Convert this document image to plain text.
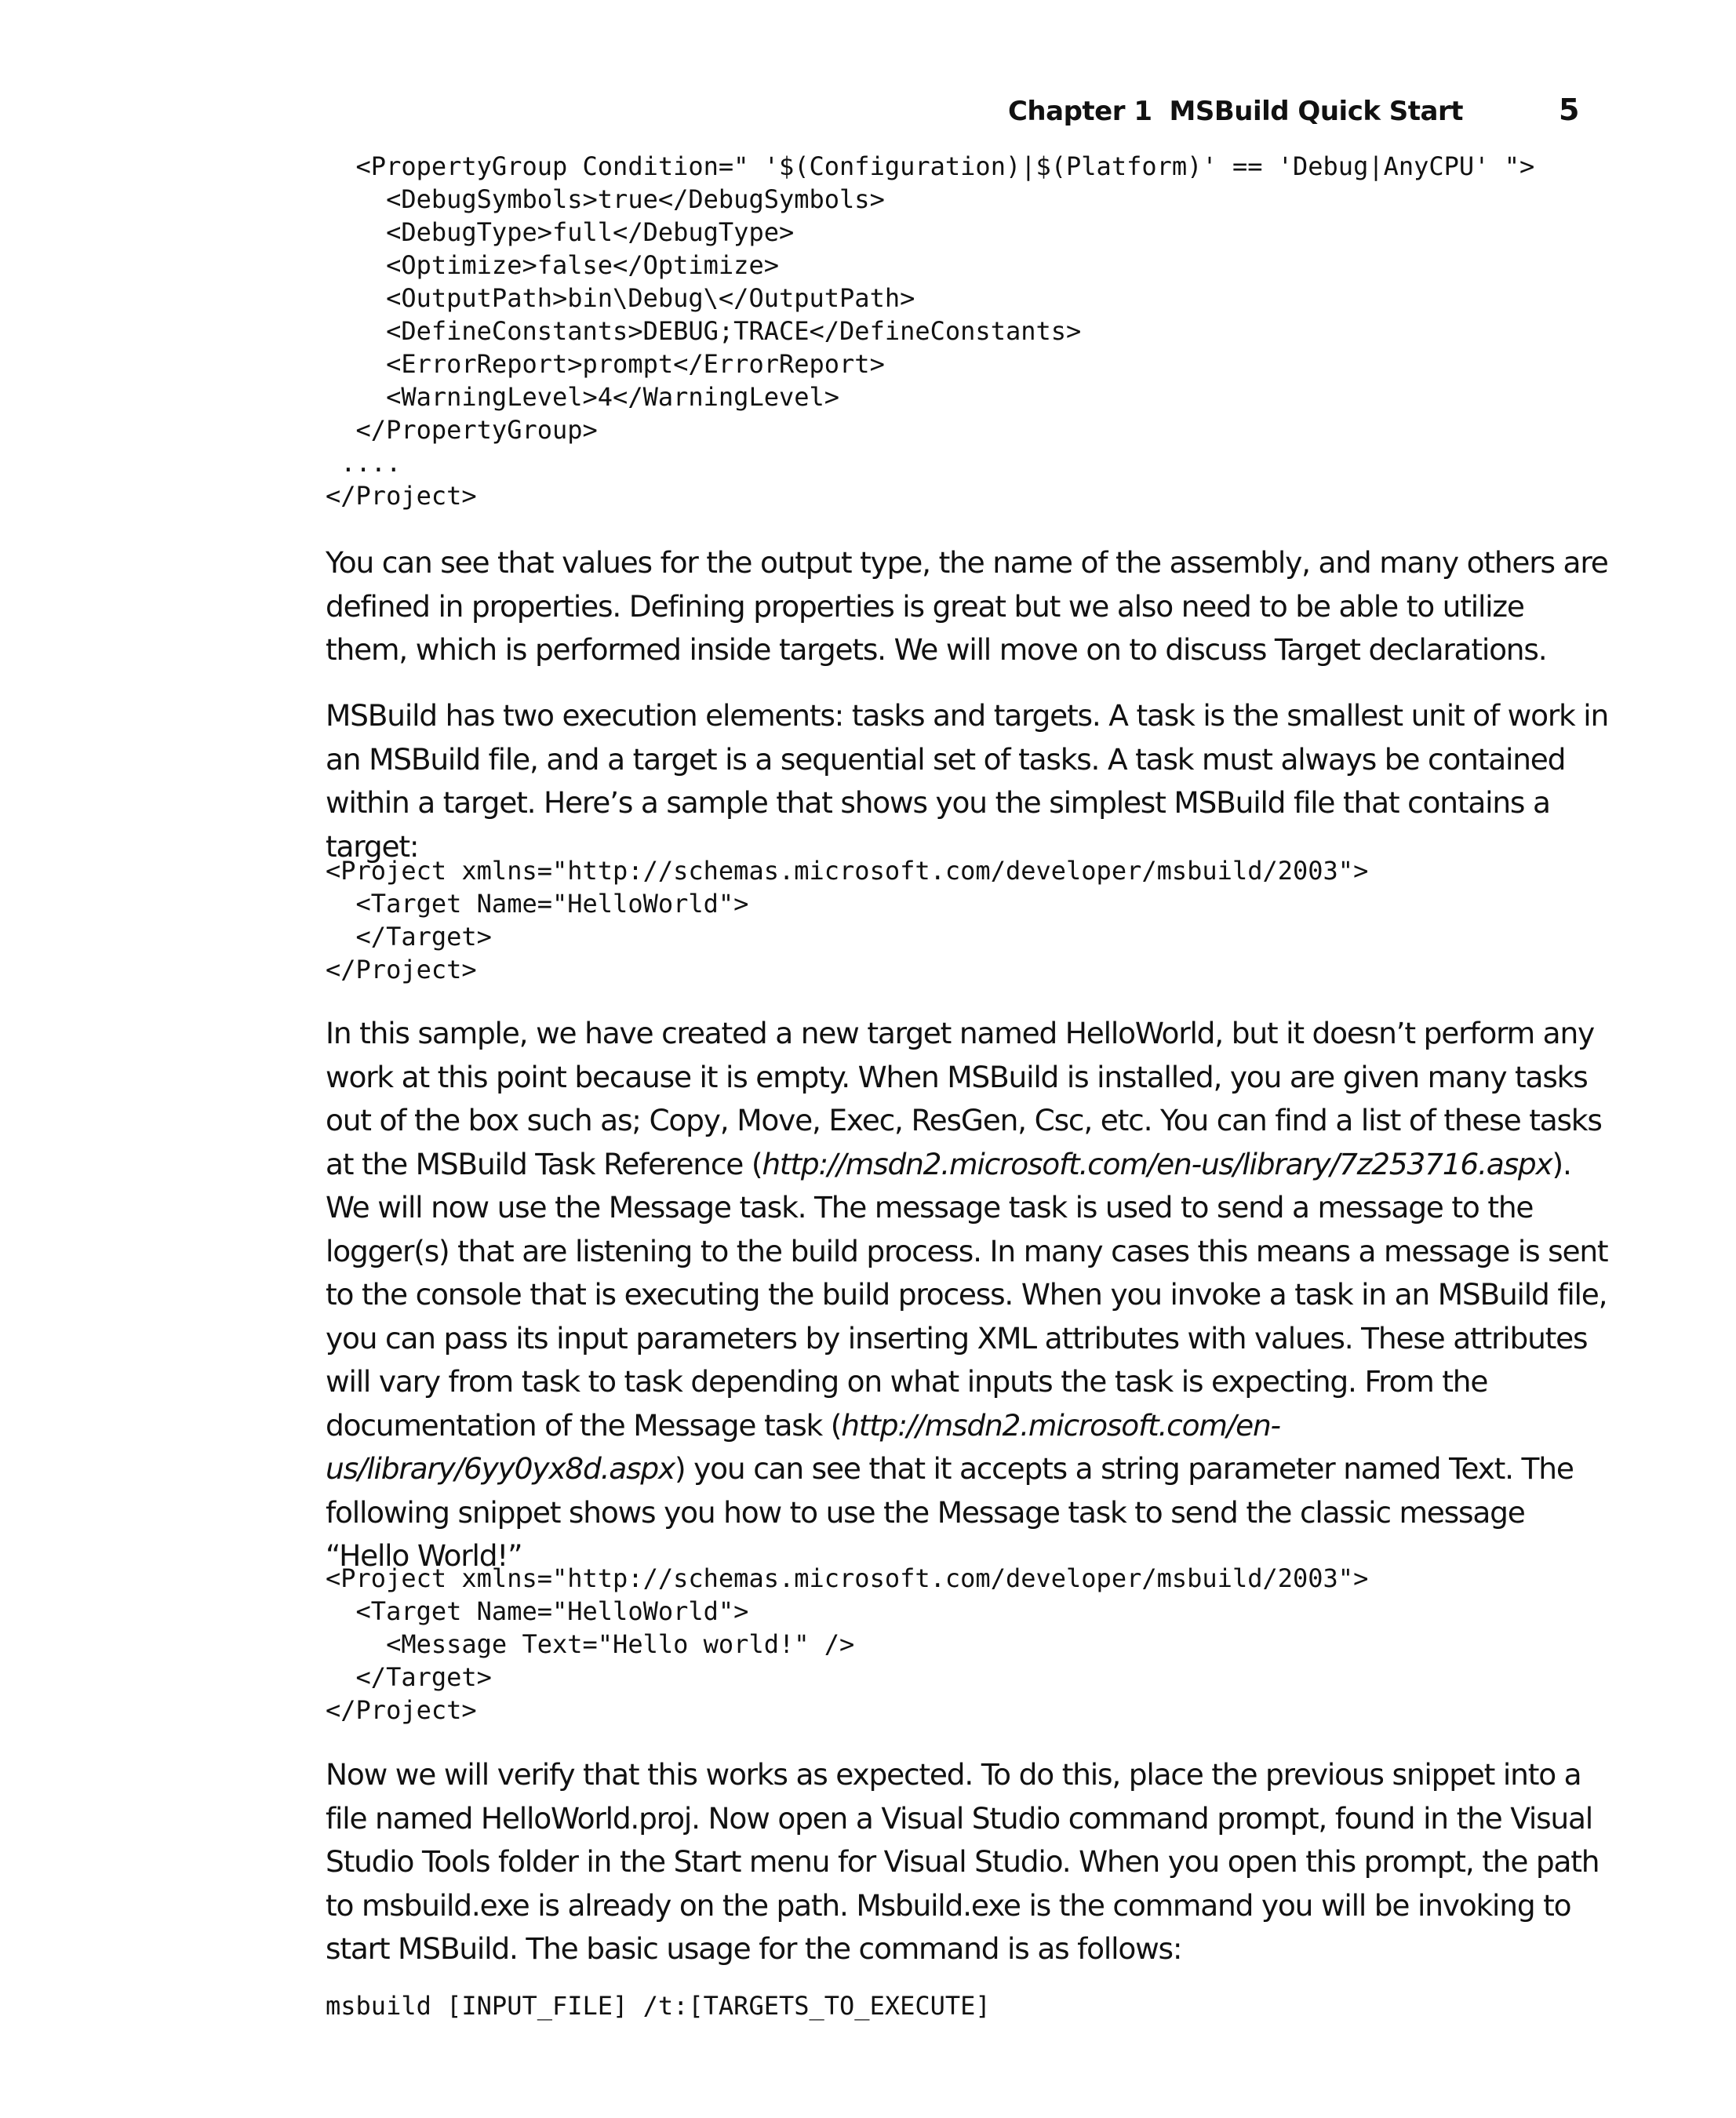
Chapter 1 MSBuild Quick Start	5
<PropertyGroup Condition=" '$(Configuration)|$(Platform)' == 'Debug|AnyCPU' ">
<DebugSymbols>true</DebugSymbols>
<DebugType>full</DebugType>
<Optimize>false</Optimize>
<OutputPath>bin\Debug\</OutputPath>
<DefineConstants>DEBUG;TRACE</DefineConstants>
<ErrorReport>prompt</ErrorReport>
<WarningLevel>4</WarningLevel>
</PropertyGroup>
....
</Project>

You can see that values for the output type, the name of the assembly, and many others are defined in properties. Defining properties is great but we also need to be able to utilize them, which is performed inside targets. We will move on to discuss Target declarations.

MSBuild has two execution elements: tasks and targets. A task is the smallest unit of work in an MSBuild file, and a target is a sequential set of tasks. A task must always be contained within a target. Here’s a sample that shows you the simplest MSBuild file that contains a target:

<Project xmlns="http://schemas.microsoft.com/developer/msbuild/2003">
<Target Name="HelloWorld">
</Target>
</Project>

In this sample, we have created a new target named HelloWorld, but it doesn’t perform any work at this point because it is empty. When MSBuild is installed, you are given many tasks out of the box such as; Copy, Move, Exec, ResGen, Csc, etc. You can find a list of these tasks at the MSBuild Task Reference (http://msdn2.microsoft.com/en-us/library/7z253716.aspx). We will now use the Message task. The message task is used to send a message to the logger(s) that are listening to the build process. In many cases this means a message is sent to the console that is executing the build process. When you invoke a task in an MSBuild file, you can pass its input parameters by inserting XML attributes with values. These attributes will vary from task to task depending on what inputs the task is expecting. From the documentation of the Message task (http://msdn2.microsoft.com/en-us/library/6yy0yx8d.aspx) you can see that it accepts a string parameter named Text. The following snippet shows you how to use the Message task to send the classic message “Hello World!”

<Project xmlns="http://schemas.microsoft.com/developer/msbuild/2003">
<Target Name="HelloWorld">
<Message Text="Hello world!" />
</Target>
</Project>

Now we will verify that this works as expected. To do this, place the previous snippet into a file named HelloWorld.proj. Now open a Visual Studio command prompt, found in the Visual Studio Tools folder in the Start menu for Visual Studio. When you open this prompt, the path to msbuild.exe is already on the path. Msbuild.exe is the command you will be invoking to start MSBuild. The basic usage for the command is as follows:

msbuild [INPUT_FILE] /t:[TARGETS_TO_EXECUTE]
